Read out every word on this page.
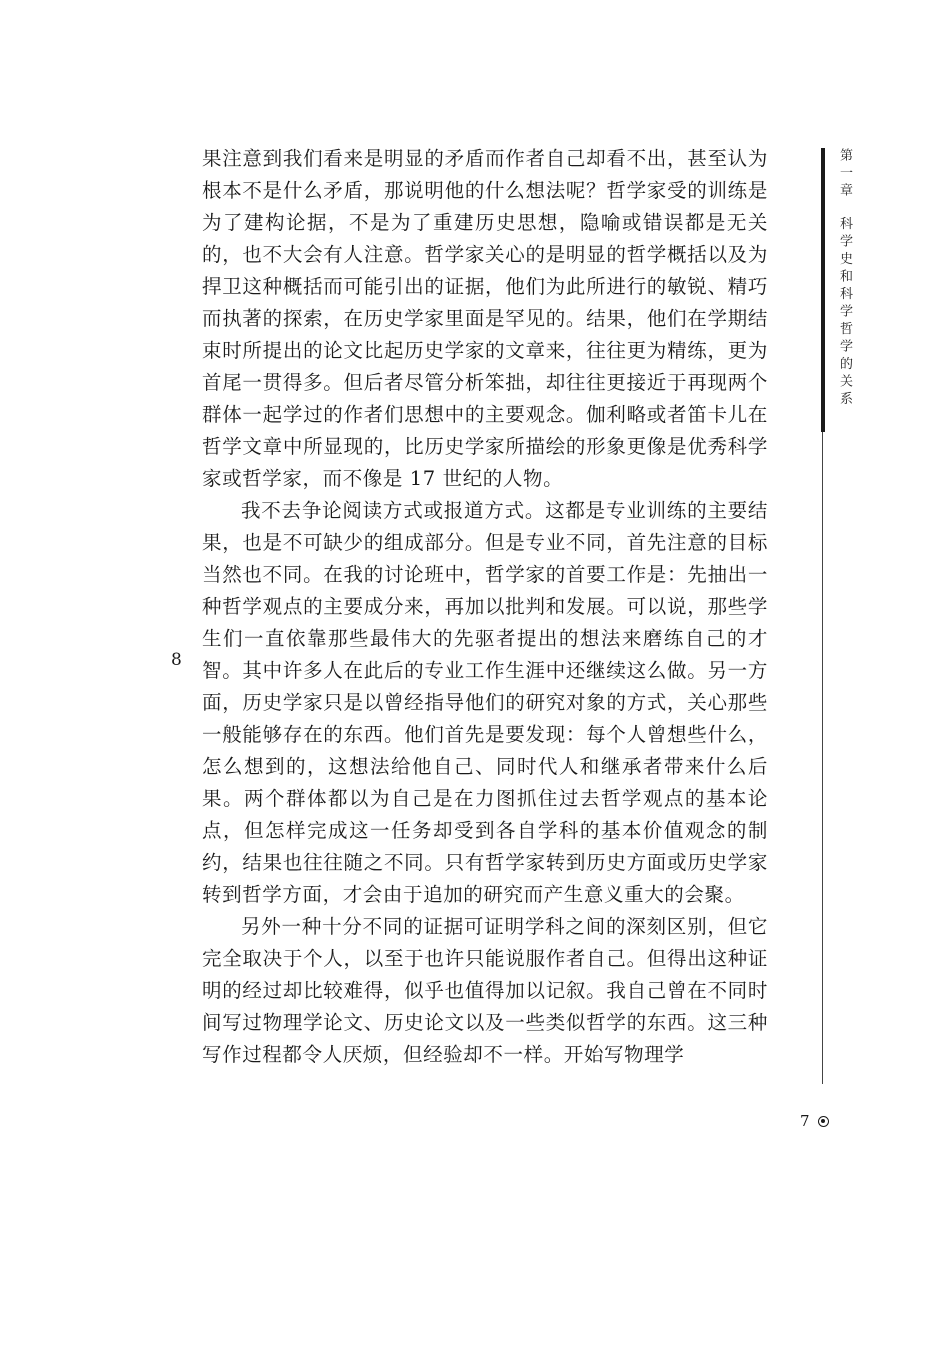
果注意到我们看来是明显的矛盾而作者自己却看不出，甚至认为根本不是什么矛盾，那说明他的什么想法呢？哲学家受的训练是为了建构论据，不是为了重建历史思想，隐喻或错误都是无关的，也不大会有人注意。哲学家关心的是明显的哲学概括以及为捍卫这种概括而可能引出的证据，他们为此所进行的敏锐、精巧而执著的探索，在历史学家里面是罕见的。结果，他们在学期结束时所提出的论文比起历史学家的文章来，往往更为精练，更为首尾一贯得多。但后者尽管分析笨拙，却往往更接近于再现两个群体一起学过的作者们思想中的主要观念。伽利略或者笛卡儿在哲学文章中所显现的，比历史学家所描绘的形象更像是优秀科学家或哲学家，而不像是 17 世纪的人物。

我不去争论阅读方式或报道方式。这都是专业训练的主要结果，也是不可缺少的组成部分。但是专业不同，首先注意的目标当然也不同。在我的讨论班中，哲学家的首要工作是：先抽出一种哲学观点的主要成分来，再加以批判和发展。可以说，那些学生们一直依靠那些最伟大的先驱者提出的想法来磨练自己的才智。其中许多人在此后的专业工作生涯中还继续这么做。另一方面，历史学家只是以曾经指导他们的研究对象的方式，关心那些一般能够存在的东西。他们首先是要发现：每个人曾想些什么，怎么想到的，这想法给他自己、同时代人和继承者带来什么后果。两个群体都以为自己是在力图抓住过去哲学观点的基本论点，但怎样完成这一任务却受到各自学科的基本价值观念的制约，结果也往往随之不同。只有哲学家转到历史方面或历史学家转到哲学方面，才会由于追加的研究而产生意义重大的会聚。

另外一种十分不同的证据可证明学科之间的深刻区别，但它完全取决于个人，以至于也许只能说服作者自己。但得出这种证明的经过却比较难得，似乎也值得加以记叙。我自己曾在不同时间写过物理学论文、历史论文以及一些类似哲学的东西。这三种写作过程都令人厌烦，但经验却不一样。开始写物理学

8
第一章科学史和科学哲学的关系
7
